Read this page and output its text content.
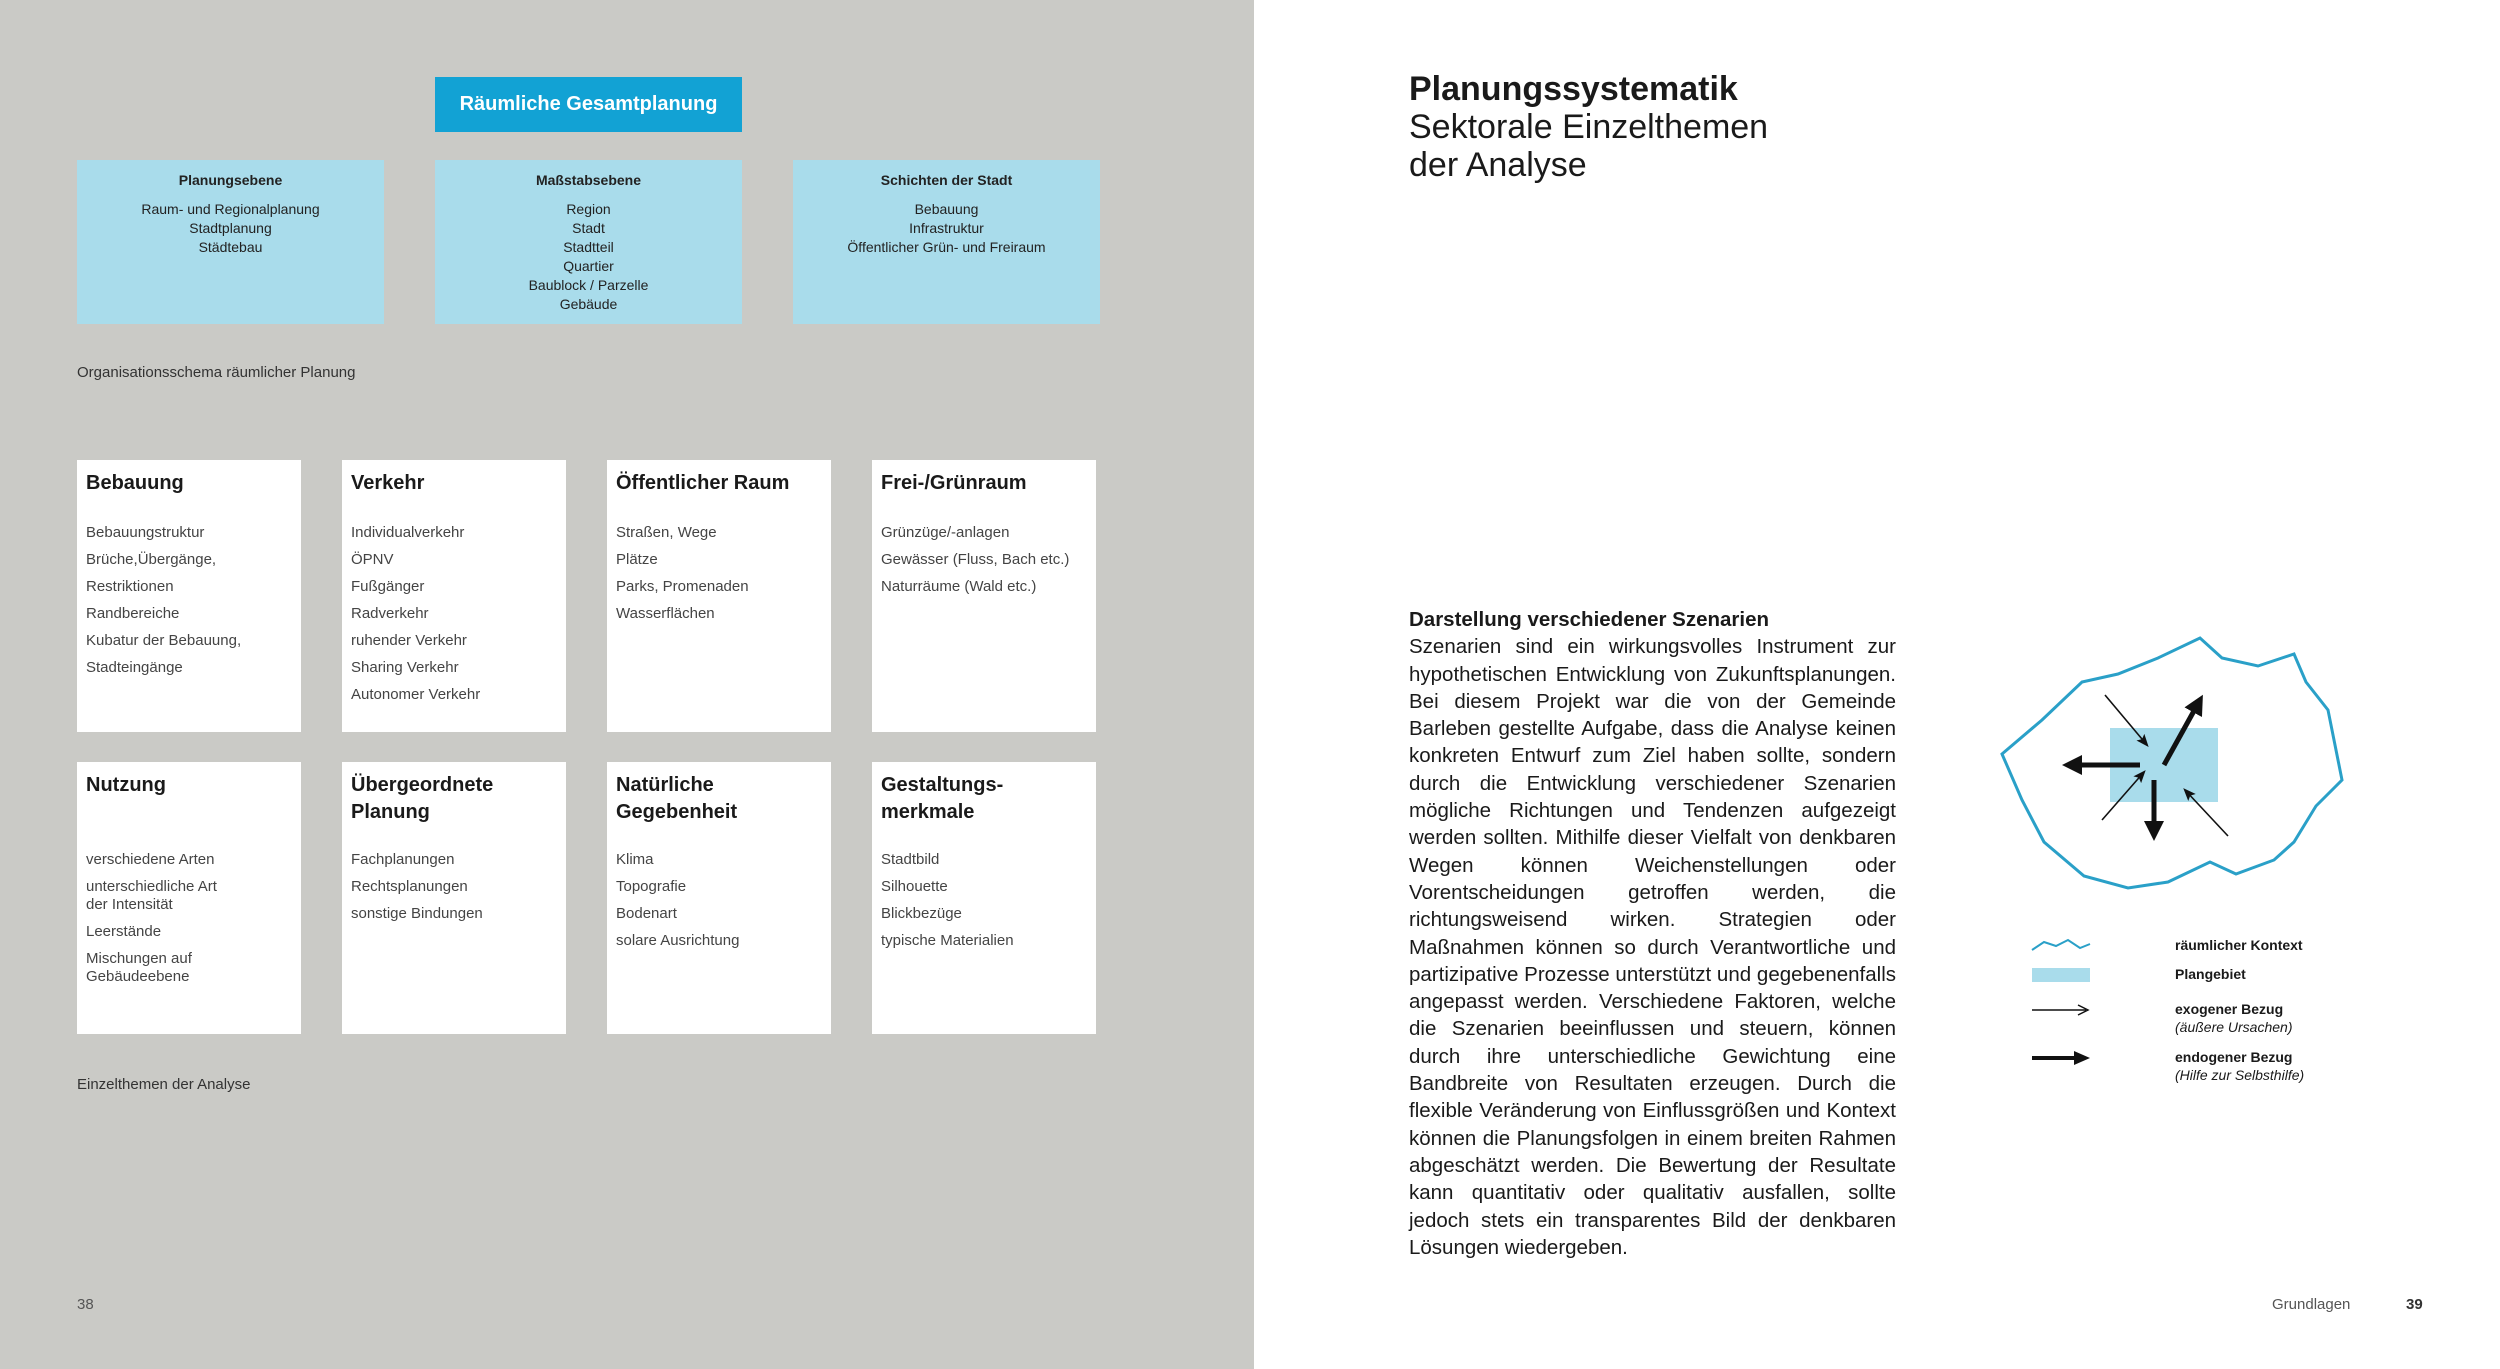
Räumliche Gesamtplanung
Planungsebene
Raum- und Regionalplanung
Stadtplanung
Städtebau
Maßstabsebene
Region
Stadt
Stadtteil
Quartier
Baublock / Parzelle
Gebäude
Schichten der Stadt
Bebauung
Infrastruktur
Öffentlicher Grün- und Freiraum
Organisationsschema räumlicher Planung
Bebauung
Bebauungstruktur
Brüche,Übergänge,
Restriktionen
Randbereiche
Kubatur der Bebauung,
Stadteingänge
Verkehr
Individualverkehr
ÖPNV
Fußgänger
Radverkehr
ruhender Verkehr
Sharing Verkehr
Autonomer Verkehr
Öffentlicher Raum
Straßen, Wege
Plätze
Parks, Promenaden
Wasserflächen
Frei-/Grünraum
Grünzüge/-anlagen
Gewässer (Fluss, Bach etc.)
Naturräume (Wald etc.)
Nutzung
verschiedene Arten
unterschiedliche Art der Intensität
Leerstände
Mischungen auf Gebäudeebene
Übergeordnete Planung
Fachplanungen
Rechtsplanungen
sonstige Bindungen
Natürliche Gegebenheit
Klima
Topografie
Bodenart
solare Ausrichtung
Gestaltungs-merkmale
Stadtbild
Silhouette
Blickbezüge
typische Materialien
Einzelthemen der Analyse
38
Planungssystematik
Sektorale Einzelthemen
der Analyse
Darstellung verschiedener Szenarien
Szenarien sind ein wirkungsvolles Instrument zur hypothetischen Entwicklung von Zukunftsplanungen. Bei diesem Projekt war die von der Gemeinde Barleben gestellte Aufgabe, dass die Analyse keinen konkreten Entwurf zum Ziel haben sollte, sondern durch die Entwicklung verschiedener Szenarien mögliche Richtungen und Tendenzen aufgezeigt werden sollten. Mithilfe dieser Vielfalt von denkbaren Wegen können Weichenstellungen oder Vorentscheidungen getroffen werden, die richtungsweisend wirken. Strategien oder Maßnahmen können so durch Verantwortliche und partizipative Prozesse unterstützt und gegebenenfalls angepasst werden. Verschiedene Faktoren, welche die Szenarien beeinflussen und steuern, können durch ihre unterschiedliche Gewichtung eine Bandbreite von Resultaten erzeugen. Durch die flexible Veränderung von Einflussgrößen und Kontext können die Planungsfolgen in einem breiten Rahmen abgeschätzt werden. Die Bewertung der Resultate kann quantitativ oder qualitativ ausfallen, sollte jedoch stets ein transparentes Bild der denkbaren Lösungen wiedergeben.
räumlicher Kontext
Plangebiet
exogener Bezug
(äußere Ursachen)
endogener Bezug
(Hilfe zur Selbsthilfe)
Grundlagen	39
